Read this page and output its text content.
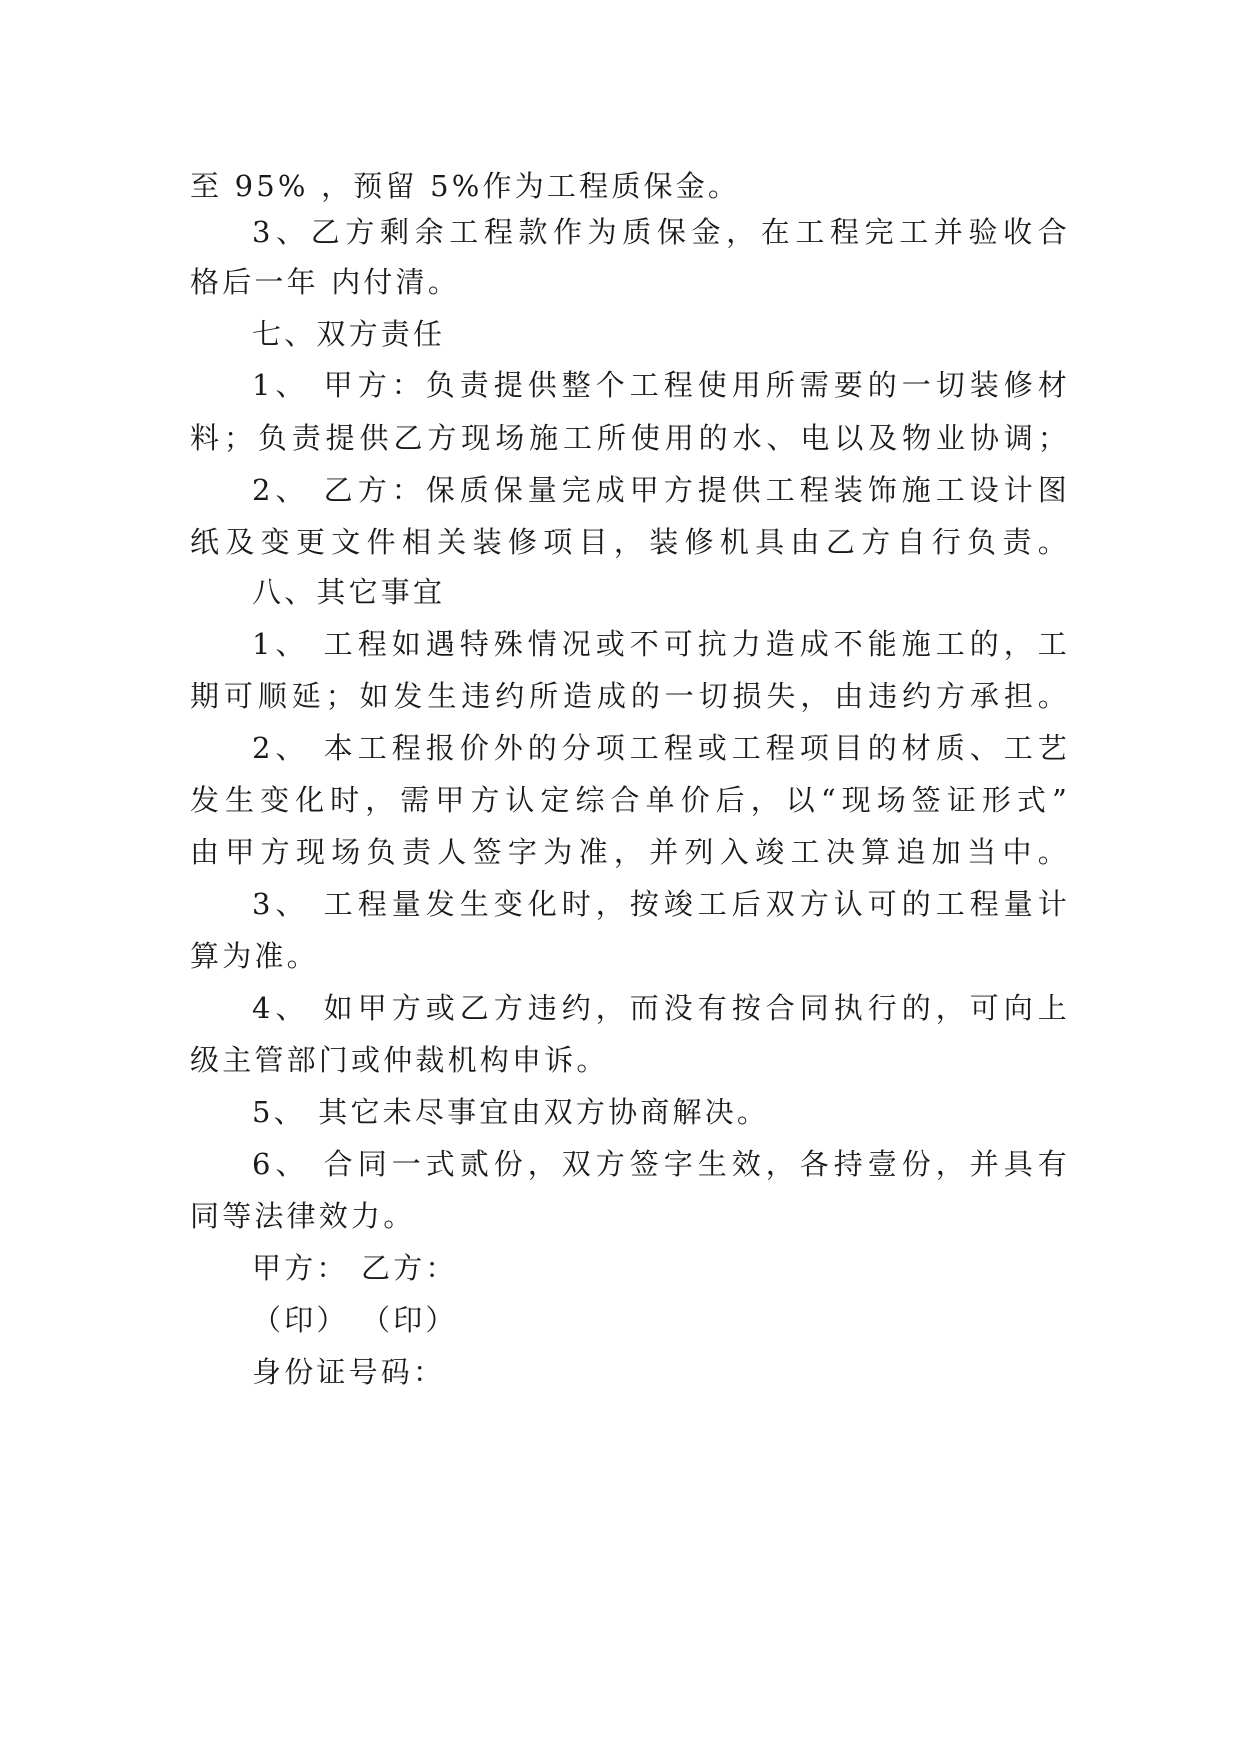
至 95% ，预留 5%作为工程质保金。
3、乙方剩余工程款作为质保金，在工程完工并验收合
格后一年 内付清。
七、双方责任
1、 甲方：负责提供整个工程使用所需要的一切装修材
料；负责提供乙方现场施工所使用的水、电以及物业协调；
2、 乙方：保质保量完成甲方提供工程装饰施工设计图
纸及变更文件相关装修项目，装修机具由乙方自行负责。
八、其它事宜
1、 工程如遇特殊情况或不可抗力造成不能施工的，工
期可顺延；如发生违约所造成的一切损失，由违约方承担。
2、 本工程报价外的分项工程或工程项目的材质、工艺
发生变化时，需甲方认定综合单价后，以“现场签证形式”
由甲方现场负责人签字为准，并列入竣工决算追加当中。
3、 工程量发生变化时，按竣工后双方认可的工程量计
算为准。
4、 如甲方或乙方违约，而没有按合同执行的，可向上
级主管部门或仲裁机构申诉。
5、 其它未尽事宜由双方协商解决。
6、 合同一式贰份，双方签字生效，各持壹份，并具有
同等法律效力。
甲方： 乙方：
（印） （印）
身份证号码：
